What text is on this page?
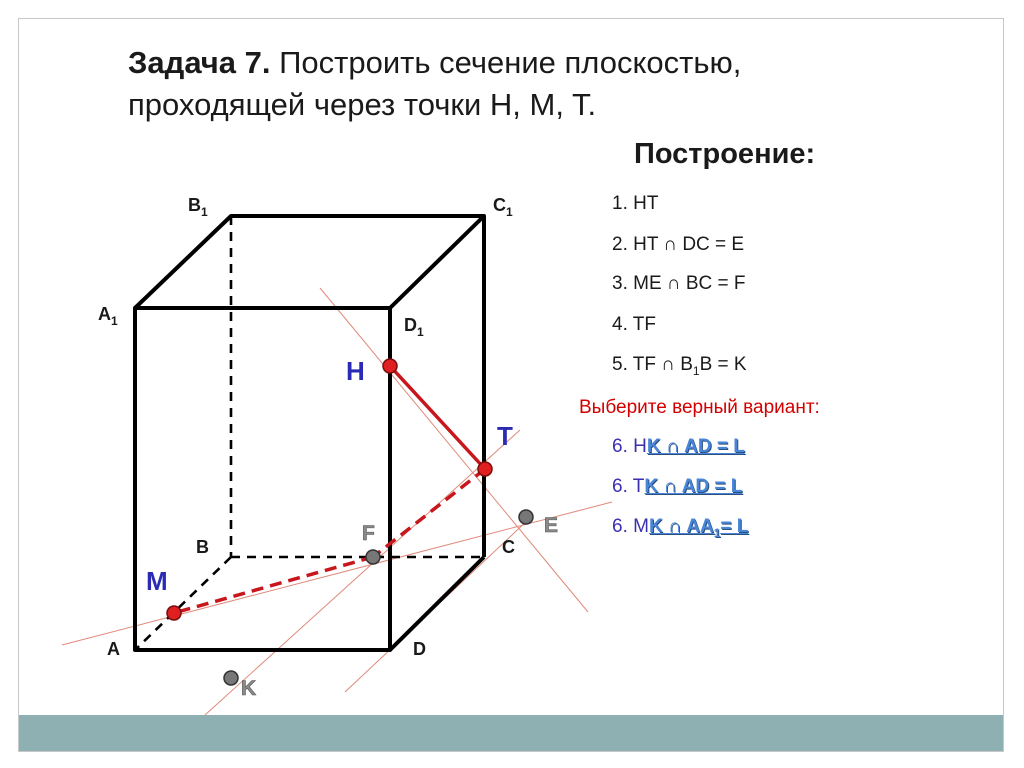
Задача 7. Построить сечение плоскостью, проходящей через точки H, M, T.
Построение:
1. HT
2. HT ∩ DC = E
3. ME ∩ BC = F
4. TF
5. TF ∩ $B_1B = K$
Выберите верный вариант:
6. HK ∩ AD = L
6. TK ∩ AD = L
6. MK ∩ $AA_1= L$
A
B	C
D
$A_1$
$B_1$	$C_1$
$D_1$
H
T
M
F	E
K
